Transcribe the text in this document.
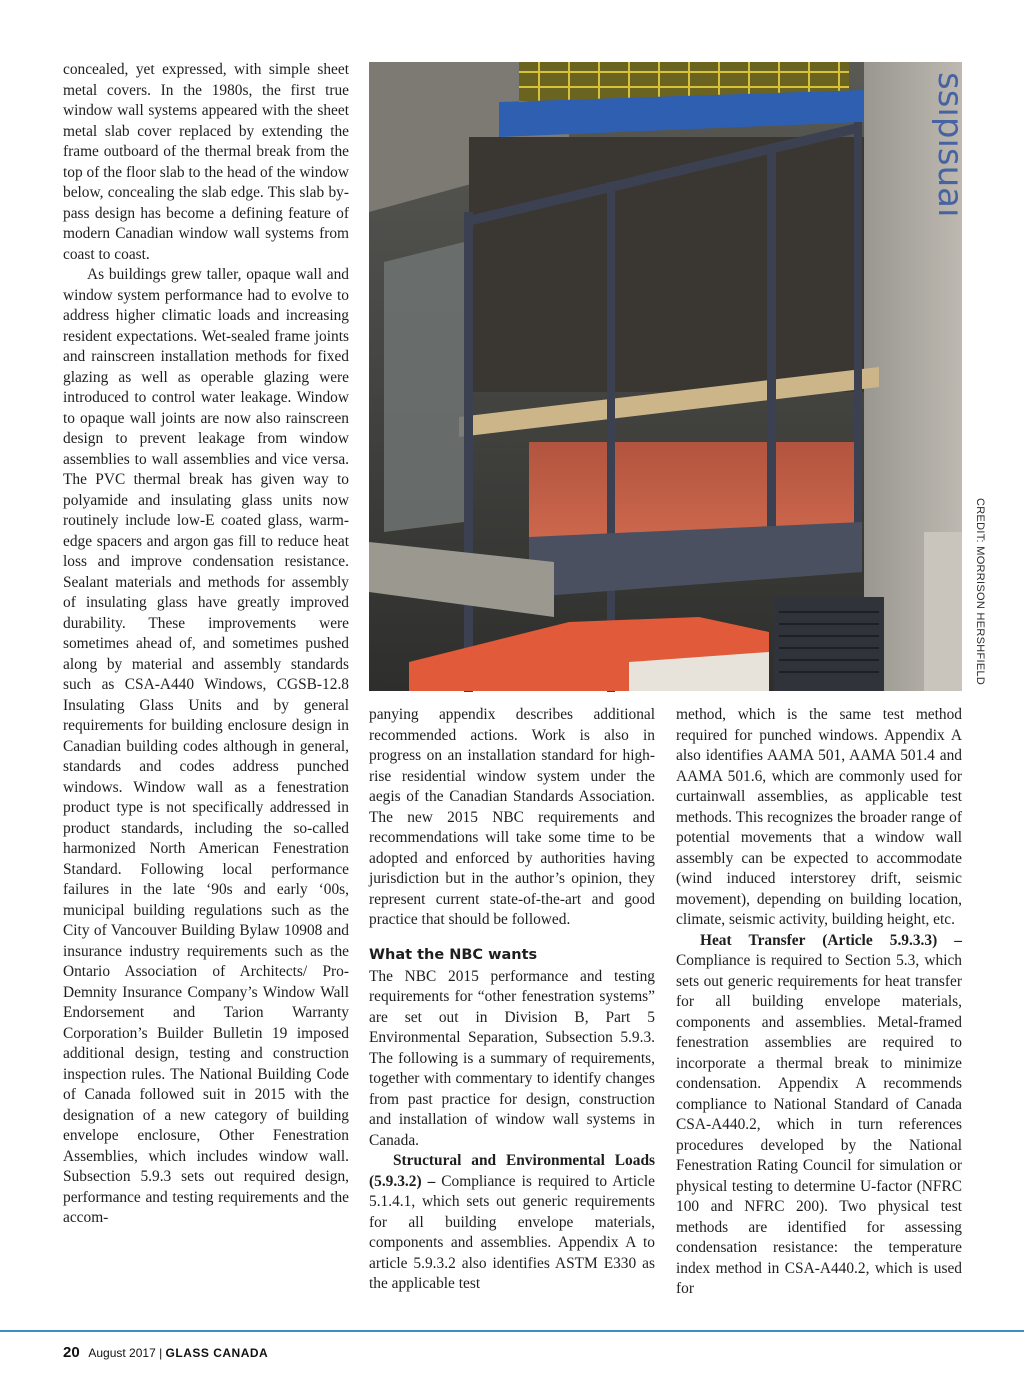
concealed, yet expressed, with simple sheet metal covers. In the 1980s, the first true window wall systems appeared with the sheet metal slab cover replaced by extending the frame outboard of the thermal break from the top of the floor slab to the head of the window below, concealing the slab edge. This slab by-pass design has become a defining feature of modern Canadian window wall systems from coast to coast.

As buildings grew taller, opaque wall and window system performance had to evolve to address higher climatic loads and increasing resident expectations. Wet-sealed frame joints and rainscreen installation methods for fixed glazing as well as operable glazing were introduced to control water leakage. Window to opaque wall joints are now also rainscreen design to prevent leakage from window assemblies to wall assemblies and vice versa. The PVC thermal break has given way to polyamide and insulating glass units now routinely include low-E coated glass, warm-edge spacers and argon gas fill to reduce heat loss and improve condensation resistance. Sealant materials and methods for assembly of insulating glass have greatly improved durability. These improvements were sometimes ahead of, and sometimes pushed along by material and assembly standards such as CSA-A440 Windows, CGSB-12.8 Insulating Glass Units and by general requirements for building enclosure design in Canadian building codes although in general, standards and codes address punched windows. Window wall as a fenestration product type is not specifically addressed in product standards, including the so-called harmonized North American Fenestration Standard. Following local performance failures in the late ‘90s and early ‘00s, municipal building regulations such as the City of Vancouver Building Bylaw 10908 and insurance industry requirements such as the Ontario Association of Architects/ Pro-Demnity Insurance Company’s Window Wall Endorsement and Tarion Warranty Corporation’s Builder Bulletin 19 imposed additional design, testing and construction inspection rules. The National Building Code of Canada followed suit in 2015 with the designation of a new category of building envelope enclosure, Other Fenestration Assemblies, which includes window wall. Subsection 5.9.3 sets out required design, performance and testing requirements and the accom-

ssıpısuaı
CREDIT: MORRISON HERSHFIELD

panying appendix describes additional recommended actions. Work is also in progress on an installation standard for high-rise residential window system under the aegis of the Canadian Standards Association. The new 2015 NBC requirements and recommendations will take some time to be adopted and enforced by authorities having jurisdiction but in the author’s opinion, they represent current state-of-the-art and good practice that should be followed.

What the NBC wants

The NBC 2015 performance and testing requirements for “other fenestration systems” are set out in Division B, Part 5 Environmental Separation, Subsection 5.9.3. The following is a summary of requirements, together with commentary to identify changes from past practice for design, construction and installation of window wall systems in Canada.

Structural and Environmental Loads (5.9.3.2) – Compliance is required to Article 5.1.4.1, which sets out generic requirements for all building envelope materials, components and assemblies. Appendix A to article 5.9.3.2 also identifies ASTM E330 as the applicable test

method, which is the same test method required for punched windows. Appendix A also identifies AAMA 501, AAMA 501.4 and AAMA 501.6, which are commonly used for curtainwall assemblies, as applicable test methods. This recognizes the broader range of potential movements that a window wall assembly can be expected to accommodate (wind induced interstorey drift, seismic movement), depending on building location, climate, seismic activity, building height, etc.

Heat Transfer (Article 5.9.3.3) – Compliance is required to Section 5.3, which sets out generic requirements for heat transfer for all building envelope materials, components and assemblies. Metal-framed fenestration assemblies are required to incorporate a thermal break to minimize condensation. Appendix A recommends compliance to National Standard of Canada CSA-A440.2, which in turn references procedures developed by the National Fenestration Rating Council for simulation or physical testing to determine U-factor (NFRC 100 and NFRC 200). Two physical test methods are identified for assessing condensation resistance: the temperature index method in CSA-A440.2, which is used for

20 August 2017 | GLASS CANADA
